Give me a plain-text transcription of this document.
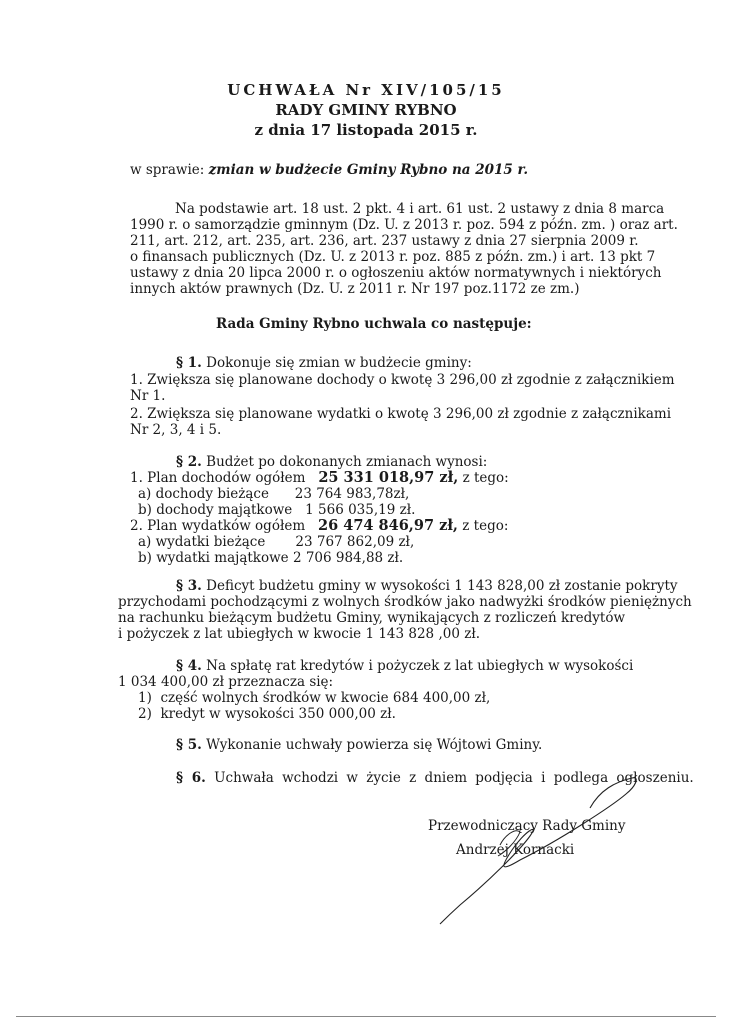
UCHWAŁA Nr XIV/105/15
RADY GMINY RYBNO
z dnia 17 listopada 2015 r.
w sprawie: zmian w budżecie Gminy Rybno na 2015 r.
Na podstawie art. 18 ust. 2 pkt. 4 i art. 61 ust. 2 ustawy z dnia 8 marca
1990 r. o samorządzie gminnym (Dz. U. z 2013 r. poz. 594 z późn. zm. ) oraz art.
211, art. 212, art. 235, art. 236, art. 237 ustawy z dnia 27 sierpnia 2009 r.
o finansach publicznych (Dz. U. z 2013 r. poz. 885 z późn. zm.) i art. 13 pkt 7
ustawy z dnia 20 lipca 2000 r. o ogłoszeniu aktów normatywnych i niektórych
innych aktów prawnych (Dz. U. z 2011 r. Nr 197 poz.1172 ze zm.)
Rada Gminy Rybno uchwala co następuje:
§ 1. Dokonuje się zmian w budżecie gminy:
1. Zwiększa się planowane dochody o kwotę 3 296,00 zł zgodnie z załącznikiem
Nr 1.
2. Zwiększa się planowane wydatki o kwotę 3 296,00 zł zgodnie z załącznikami
Nr 2, 3, 4 i 5.
§ 2. Budżet po dokonanych zmianach wynosi:
1. Plan dochodów ogółem 25 331 018,97 zł, z tego:
a) dochody bieżące      23 764 983,78zł,
b) dochody majątkowe   1 566 035,19 zł.
2. Plan wydatków ogółem 26 474 846,97 zł, z tego:
a) wydatki bieżące       23 767 862,09 zł,
b) wydatki majątkowe 2 706 984,88 zł.
§ 3. Deficyt budżetu gminy w wysokości 1 143 828,00 zł zostanie pokryty
przychodami pochodzącymi z wolnych środków jako nadwyżki środków pieniężnych
na rachunku bieżącym budżetu Gminy, wynikających z rozliczeń kredytów
i pożyczek z lat ubiegłych w kwocie 1 143 828 ,00 zł.
§ 4. Na spłatę rat kredytów i pożyczek z lat ubiegłych w wysokości
1 034 400,00 zł przeznacza się:
1)  część wolnych środków w kwocie 684 400,00 zł,
2)  kredyt w wysokości 350 000,00 zł.
§ 5. Wykonanie uchwały powierza się Wójtowi Gminy.
§ 6. Uchwała wchodzi w życie z dniem podjęcia i podlega ogłoszeniu.
Przewodniczący Rady Gminy
Andrzej Kornacki
